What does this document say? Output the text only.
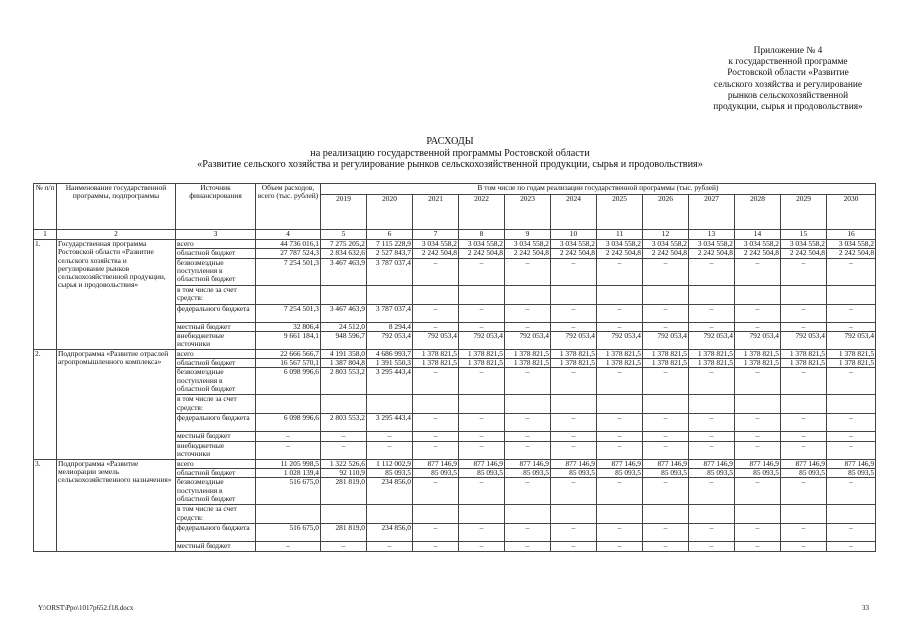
Приложение № 4
к государственной программе
Ростовской области «Развитие
сельского хозяйства и регулирование
рынков сельскохозяйственной
продукции, сырья и продовольствия»
РАСХОДЫ
на реализацию государственной программы Ростовской области
«Развитие сельского хозяйства и регулирование рынков сельскохозяйственной продукции, сырья и продовольствия»
№ п/п	Наименование государственной программы, подпрограммы	Источник финансирования	Объем расходов, всего (тыс. рублей)	В том числе по годам реализации государственной программы (тыс. рублей)											
				2019	2020	2021	2022	2023	2024	2025	2026	2027	2028	2029	2030
1	2	3	4	5	6	7	8	9	10	11	12	13	14	15	16
1.	Государственная программа Ростовской области «Развитие сельского хозяйства и регулирование рынков сельскохозяйственной продукции, сырья и продовольствия»	всего	44 736 016,1	7 275 205,2	7 115 228,9	3 034 558,2	3 034 558,2	3 034 558,2	3 034 558,2	3 034 558,2	3 034 558,2	3 034 558,2	3 034 558,2	3 034 558,2	3 034 558,2
		областной бюджет	27 787 524,3	2 834 632,6	2 527 843,7	2 242 504,8	2 242 504,8	2 242 504,8	2 242 504,8	2 242 504,8	2 242 504,8	2 242 504,8	2 242 504,8	2 242 504,8	2 242 504,8
		безвозмездные поступления в областной бюджет	7 254 501,3	3 467 463,9	3 787 037,4	–	–	–	–	–	–	–	–	–	–
		в том числе за счет средств:													
		федерального бюджета	7 254 501,3	3 467 463,9	3 787 037,4	–	–	–	–	–	–	–	–	–	–
		местный бюджет	32 806,4	24 512,0	8 294,4	–	–	–	–	–	–	–	–	–	–
		внебюджетные источники	9 661 184,1	948 596,7	792 053,4	792 053,4	792 053,4	792 053,4	792 053,4	792 053,4	792 053,4	792 053,4	792 053,4	792 053,4	792 053,4
2.	Подпрограмма «Развитие отраслей агропромышленного комплекса»	всего	22 666 566,7	4 191 358,0	4 686 993,7	1 378 821,5	1 378 821,5	1 378 821,5	1 378 821,5	1 378 821,5	1 378 821,5	1 378 821,5	1 378 821,5	1 378 821,5	1 378 821,5
		областной бюджет	16 567 570,1	1 387 804,8	1 391 550,3	1 378 821,5	1 378 821,5	1 378 821,5	1 378 821,5	1 378 821,5	1 378 821,5	1 378 821,5	1 378 821,5	1 378 821,5	1 378 821,5
		безвозмездные поступления в областной бюджет	6 098 996,6	2 803 553,2	3 295 443,4	–	–	–	–	–	–	–	–	–	–
		в том числе за счет средств:													
		федерального бюджета	6 098 996,6	2 803 553,2	3 295 443,4	–	–	–	–	–	–	–	–	–	–
		местный бюджет	–	–	–	–	–	–	–	–	–	–	–	–	–
		внебюджетные источники	–	–	–	–	–	–	–	–	–	–	–	–	–
3.	Подпрограмма «Развитие мелиорации земель сельскохозяйственного назначения»	всего	11 205 998,5	1 322 526,6	1 112 002,9	877 146,9	877 146,9	877 146,9	877 146,9	877 146,9	877 146,9	877 146,9	877 146,9	877 146,9	877 146,9
		областной бюджет	1 028 139,4	92 110,9	85 093,5	85 093,5	85 093,5	85 093,5	85 093,5	85 093,5	85 093,5	85 093,5	85 093,5	85 093,5	85 093,5
		безвозмездные поступления в областной бюджет	516 675,0	281 819,0	234 856,0	–	–	–	–	–	–	–	–	–	–
		в том числе за счет средств:													
		федерального бюджета	516 675,0	281 819,0	234 856,0	–	–	–	–	–	–	–	–	–	–
		местный бюджет	–	–	–	–	–	–	–	–	–	–	–	–	–
Y:\ORST\Ppo\1017p652.f18.docx	33
